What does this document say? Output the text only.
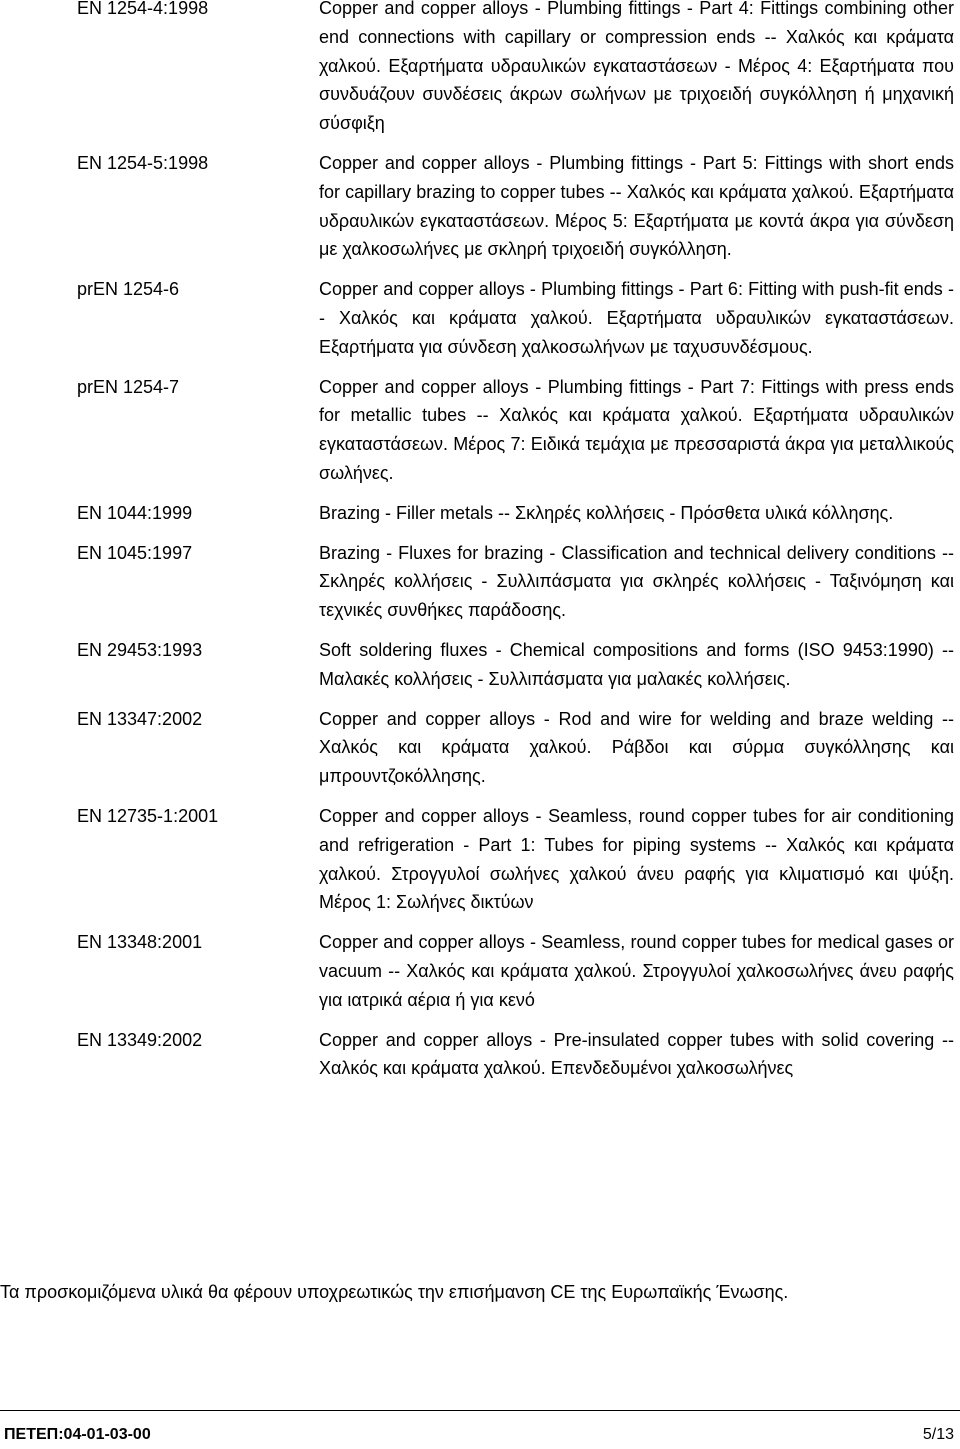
EN 1254-4:1998	Copper and copper alloys - Plumbing fittings - Part 4: Fittings combining other end connections with capillary or compression ends -- Χαλκός και κράματα χαλκού. Εξαρτήματα υδραυλικών εγκαταστάσεων - Μέρος 4: Εξαρτήματα που συνδυάζουν συνδέσεις άκρων σωλήνων με τριχοειδή συγκόλληση ή μηχανική σύσφιξη
EN 1254-5:1998	Copper and copper alloys - Plumbing fittings - Part 5: Fittings with short ends for capillary brazing to copper tubes -- Χαλκός και κράματα χαλκού. Εξαρτήματα υδραυλικών εγκαταστάσεων. Μέρος 5: Εξαρτήματα με κοντά άκρα για σύνδεση με χαλκοσωλήνες με σκληρή τριχοειδή συγκόλληση.
prEN 1254-6	Copper and copper alloys - Plumbing fittings - Part 6: Fitting with push-fit ends -- Χαλκός και κράματα χαλκού. Εξαρτήματα υδραυλικών εγκαταστάσεων. Εξαρτήματα για σύνδεση χαλκοσωλήνων με ταχυσυνδέσμους.
prEN 1254-7	Copper and copper alloys - Plumbing fittings - Part 7: Fittings with press ends for metallic tubes -- Χαλκός και κράματα χαλκού. Εξαρτήματα υδραυλικών εγκαταστάσεων. Μέρος 7: Ειδικά τεμάχια με πρεσσαριστά άκρα για μεταλλικούς σωλήνες.
EN 1044:1999	Brazing - Filler metals -- Σκληρές κολλήσεις - Πρόσθετα υλικά κόλλησης.
EN 1045:1997	Brazing - Fluxes for brazing - Classification and technical delivery conditions -- Σκληρές κολλήσεις - Συλλιπάσματα για σκληρές κολλήσεις - Ταξινόμηση και τεχνικές συνθήκες παράδοσης.
EN 29453:1993	Soft soldering fluxes - Chemical compositions and forms (ISO 9453:1990) -- Μαλακές κολλήσεις - Συλλιπάσματα για μαλακές κολλήσεις.
EN 13347:2002	Copper and copper alloys - Rod and wire for welding and braze welding -- Χαλκός και κράματα χαλκού. Ράβδοι και σύρμα συγκόλλησης και μπρουντζοκόλλησης.
EN 12735-1:2001	Copper and copper alloys - Seamless, round copper tubes for air conditioning and refrigeration - Part 1: Tubes for piping systems -- Χαλκός και κράματα χαλκού. Στρογγυλοί σωλήνες χαλκού άνευ ραφής για κλιματισμό και ψύξη. Μέρος 1: Σωλήνες δικτύων
EN 13348:2001	Copper and copper alloys - Seamless, round copper tubes for medical gases or vacuum -- Χαλκός και κράματα χαλκού. Στρογγυλοί χαλκοσωλήνες άνευ ραφής για ιατρικά αέρια ή για κενό
EN 13349:2002	Copper and copper alloys - Pre-insulated copper tubes with solid covering -- Χαλκός και κράματα χαλκού. Επενδεδυμένοι χαλκοσωλήνες
Τα προσκομιζόμενα υλικά θα φέρουν υποχρεωτικώς την επισήμανση CE της Ευρωπαϊκής Ένωσης.
ΠΕΤΕΠ:04-01-03-00	5/13
